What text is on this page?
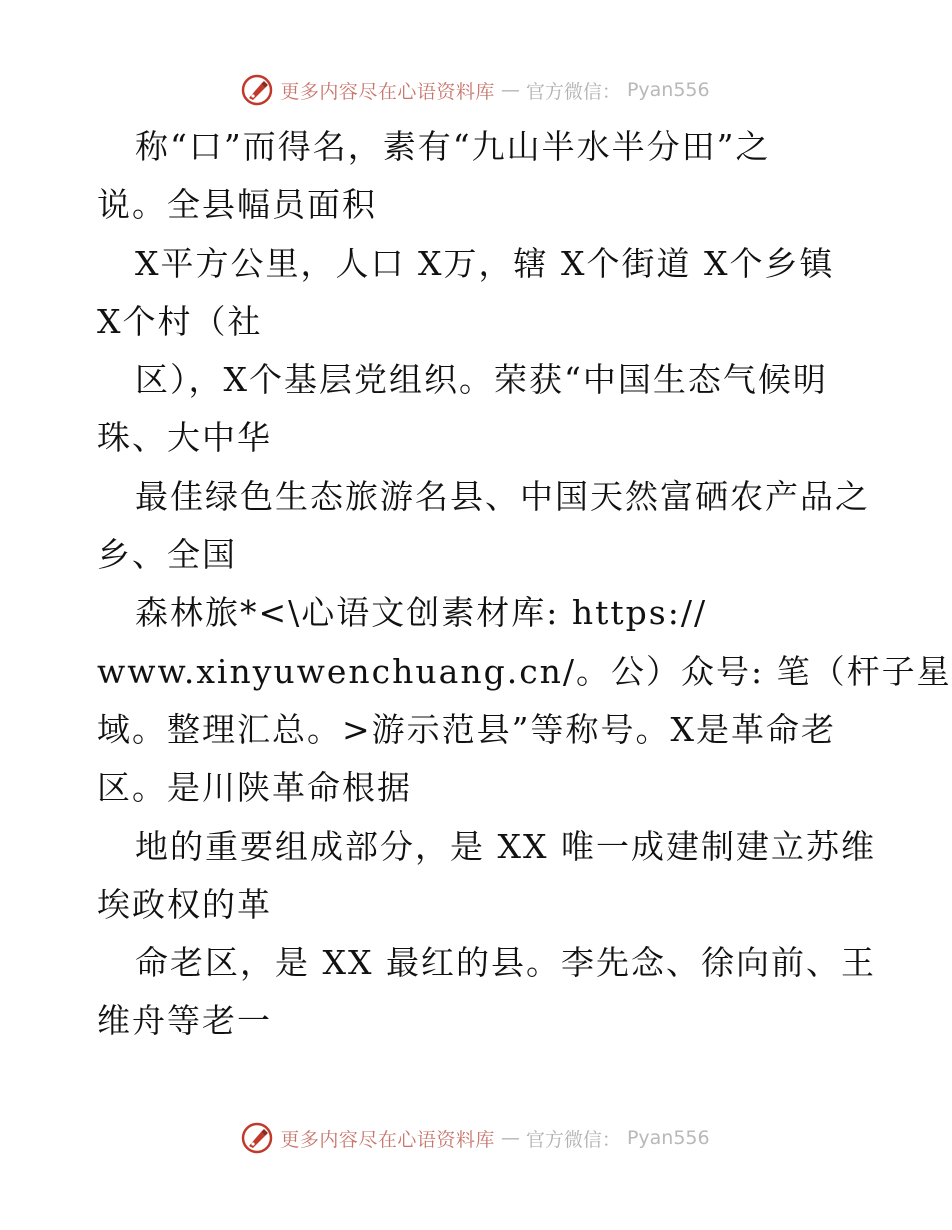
更多内容尽在心语资料库 — 官方微信： Pyan556
称“口”而得名，素有“九山半水半分田”之
说。全县幅员面积
X平方公里，人口 X万，辖 X个街道 X个乡镇
X个村（社
区），X个基层党组织。荣获“中国生态气候明
珠、大中华
最佳绿色生态旅游名县、中国天然富硒农产品之
乡、全国
森林旅*<\心语文创素材库: https://
www.xinyuwenchuang.cn/。公）众号: 笔（杆子星
域。整理汇总。>游示范县”等称号。X是革命老
区。是川陕革命根据
地的重要组成部分，是 XX 唯一成建制建立苏维
埃政权的革
命老区，是 XX 最红的县。李先念、徐向前、王
维舟等老一
更多内容尽在心语资料库 — 官方微信： Pyan556
